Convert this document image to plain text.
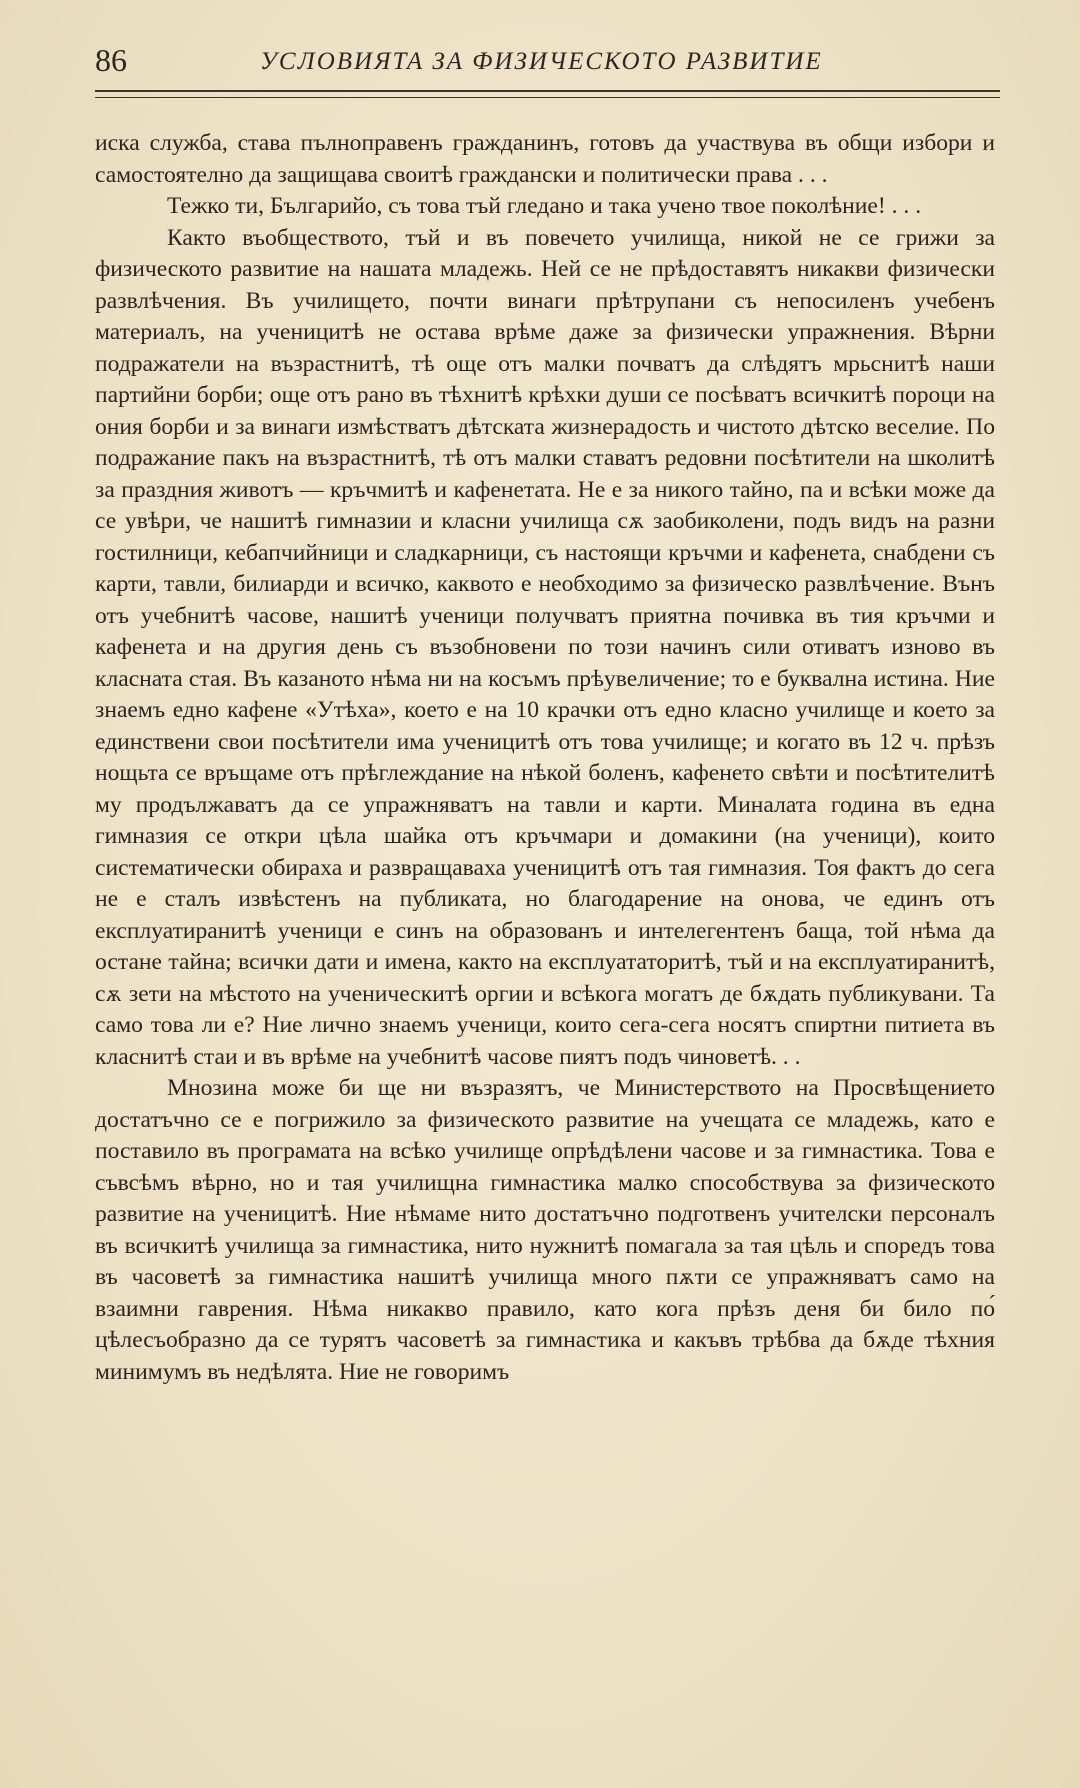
86	УСЛОВИЯТА ЗА ФИЗИЧЕСКОТО РАЗВИТИЕ

иска служба, става пълноправенъ гражданинъ, готовъ да участвува въ общи избори и самостоятелно да защищава своитѣ граждански и политически права . . .

Тежко ти, Българийо, съ това тъй гледано и така учено твое поколѣние! . . .

Както въобществото, тъй и въ повечето училища, никой не се грижи за физическото развитие на нашата младежь. Ней се не прѣдоставятъ никакви физически развлѣчения. Въ училището, почти винаги прѣтрупани съ непосиленъ учебенъ материалъ, на ученицитѣ не остава врѣме даже за физически упражнения. Вѣрни подражатели на възрастнитѣ, тѣ още отъ малки почватъ да слѣдятъ мрьснитѣ наши партийни борби; още отъ рано въ тѣхнитѣ крѣхки души се посѣватъ всичкитѣ пороци на ония борби и за винаги измѣстватъ дѣтската жизнерадость и чистото дѣтско веселие. По подражание пакъ на възрастнитѣ, тѣ отъ малки ставатъ редовни посѣтители на школитѣ за праздния животъ — кръчмитѣ и кафенетата. Не е за никого тайно, па и всѣки може да се увѣри, че нашитѣ гимназии и класни училища сѫ заобиколени, подъ видъ на разни гостилници, кебапчийници и сладкарници, съ настоящи кръчми и кафенета, снабдени съ карти, тавли, билиарди и всичко, каквото е необходимо за физическо развлѣчение. Вънъ отъ учебнитѣ часове, нашитѣ ученици получватъ приятна почивка въ тия кръчми и кафенета и на другия день съ възобновени по този начинъ сили отиватъ изново въ класната стая. Въ казаното нѣма ни на косъмъ прѣувеличение; то е буквална истина. Ние знаемъ едно кафене «Утѣха», което е на 10 крачки отъ едно класно училище и което за единствени свои посѣтители има ученицитѣ отъ това училище; и когато въ 12 ч. прѣзъ нощьта се връщаме отъ прѣглеждание на нѣкой боленъ, кафенето свѣти и посѣтителитѣ му продължаватъ да се упражняватъ на тавли и карти. Миналата година въ една гимназия се откри цѣла шайка отъ кръчмари и домакини (на ученици), които систематически обираха и развращаваха ученицитѣ отъ тая гимназия. Тоя фактъ до сега не е сталъ извѣстенъ на публиката, но благодарение на онова, че единъ отъ експлуатиранитѣ ученици е синъ на образованъ и интелегентенъ баща, той нѣма да остане тайна; всички дати и имена, както на експлуататоритѣ, тъй и на експлуатиранитѣ, сѫ зети на мѣстото на ученическитѣ оргии и всѣкога могатъ де бѫдать публикувани. Та само това ли е? Ние лично знаемъ ученици, които сега-сега носятъ спиртни питиета въ класнитѣ стаи и въ врѣме на учебнитѣ часове пиятъ подъ чиноветѣ. . .

Мнозина може би ще ни възразятъ, че Министерството на Просвѣщението достатъчно се е погрижило за физическото развитие на учещата се младежь, като е поставило въ програмата на всѣко училище опрѣдѣлени часове и за гимнастика. Това е съвсѣмъ вѣрно, но и тая училищна гимнастика малко способствува за физическото развитие на ученицитѣ. Ние нѣмаме нито достатъчно подготвенъ учителски персоналъ въ всичкитѣ училища за гимнастика, нито нужнитѣ помагала за тая цѣль и споредъ това въ часоветѣ за гимнастика нашитѣ училища много пѫти се упражняватъ само на взаимни гаврения. Нѣма никакво правило, като кога прѣзъ деня би било по́ цѣлесъобразно да се турятъ часоветѣ за гимнастика и какъвъ трѣбва да бѫде тѣхния минимумъ въ недѣлята. Ние не говоримъ
